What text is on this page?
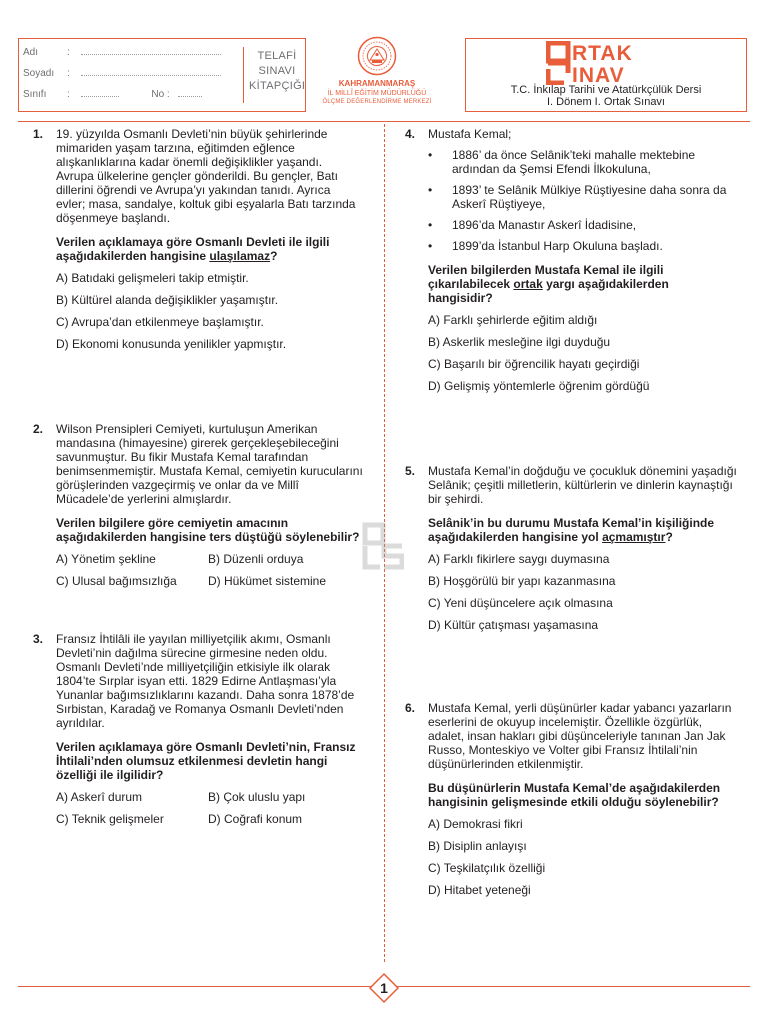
Adı	:
Soyadı :
Sınıfı :	No :
TELAFİ
SINAVI
KİTAPÇIĞI	KAHRAMANMARAŞ
İL MİLLÎ EĞİTİM MÜDÜRLÜĞÜ
ÖLÇME DEĞERLENDİRME MERKEZİ
RTAK
INAV
T.C. İnkılap Tarihi ve Atatürkçülük Dersi
I. Dönem I. Ortak Sınavı
1. 19. yüzyılda Osmanlı Devleti’nin büyük şehirlerinde mimariden yaşam tarzına, eğitimden eğlence alışkanlıklarına kadar önemli değişiklikler yaşandı. Avrupa ülkelerine gençler gönderildi. Bu gençler, Batı dillerini öğrendi ve Avrupa’yı yakından tanıdı. Ayrıca evler; masa, sandalye, koltuk gibi eşyalarla Batı tarzında döşenmeye başlandı.
Verilen açıklamaya göre Osmanlı Devleti ile ilgili aşağıdakilerden hangisine ulaşılamaz?
A) Batıdaki gelişmeleri takip etmiştir.
B) Kültürel alanda değişiklikler yaşamıştır.
C) Avrupa’dan etkilenmeye başlamıştır.
D) Ekonomi konusunda yenilikler yapmıştır.
2. Wilson Prensipleri Cemiyeti, kurtuluşun Amerikan mandasına (himayesine) girerek gerçekleşebileceğini savunmuştur. Bu fikir Mustafa Kemal tarafından benimsenmemiştir. Mustafa Kemal, cemiyetin kurucularını görüşlerinden vazgeçirmiş ve onlar da ve Millî Mücadele’de yerlerini almışlardır.
Verilen bilgilere göre cemiyetin amacının aşağıdakilerden hangisine ters düştüğü söylenebilir?
A) Yönetim şekline	B) Düzenli orduya
C) Ulusal bağımsızlığa	D) Hükümet sistemine
3. Fransız İhtilâli ile yayılan milliyetçilik akımı, Osmanlı Devleti’nin dağılma sürecine girmesine neden oldu. Osmanlı Devleti’nde milliyetçiliğin etkisiyle ilk olarak 1804’te Sırplar isyan etti. 1829 Edirne Antlaşması’yla Yunanlar bağımsızlıklarını kazandı. Daha sonra 1878’de Sırbistan, Karadağ ve Romanya Osmanlı Devleti’nden ayrıldılar.
Verilen açıklamaya göre Osmanlı Devleti’nin, Fransız İhtilali’nden olumsuz etkilenmesi devletin hangi özelliği ile ilgilidir?
A) Askerî durum	B) Çok uluslu yapı
C) Teknik gelişmeler	D) Coğrafi konum
4. Mustafa Kemal;
• 1886’ da önce Selânik’teki mahalle mektebine ardından da Şemsi Efendi İlkokuluna,
• 1893’ te Selânik Mülkiye Rüştiyesine daha sonra da Askerî Rüştiyeye,
• 1896’da Manastır Askerî İdadisine,
• 1899’da İstanbul Harp Okuluna başladı.
Verilen bilgilerden Mustafa Kemal ile ilgili çıkarılabilecek ortak yargı aşağıdakilerden hangisidir?
A) Farklı şehirlerde eğitim aldığı
B) Askerlik mesleğine ilgi duyduğu
C) Başarılı bir öğrencilik hayatı geçirdiği
D) Gelişmiş yöntemlerle öğrenim gördüğü
5. Mustafa Kemal’in doğduğu ve çocukluk dönemini yaşadığı Selânik; çeşitli milletlerin, kültürlerin ve dinlerin kaynaştığı bir şehirdi.
Selânik’in bu durumu Mustafa Kemal’in kişiliğinde aşağıdakilerden hangisine yol açmamıştır?
A) Farklı fikirlere saygı duymasına
B) Hoşgörülü bir yapı kazanmasına
C) Yeni düşüncelere açık olmasına
D) Kültür çatışması yaşamasına
6. Mustafa Kemal, yerli düşünürler kadar yabancı yazarların eserlerini de okuyup incelemiştir. Özellikle özgürlük, adalet, insan hakları gibi düşünceleriyle tanınan Jan Jak Russo, Monteskiyo ve Volter gibi Fransız İhtilali’nin düşünürlerinden etkilenmiştir.
Bu düşünürlerin Mustafa Kemal’de aşağıdakilerden hangisinin gelişmesinde etkili olduğu söylenebilir?
A) Demokrasi fikri
B) Disiplin anlayışı
C) Teşkilatçılık özelliği
D) Hitabet yeteneği
1
